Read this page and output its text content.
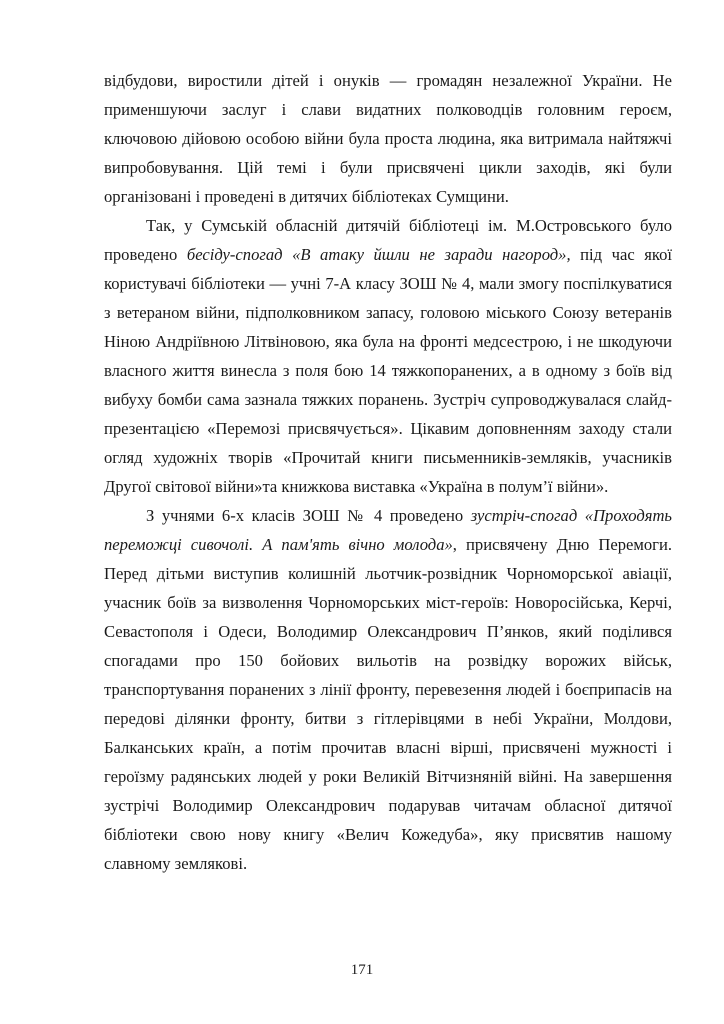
відбудови, виростили дітей і онуків — громадян незалежної України. Не применшуючи заслуг і слави видатних полководців головним героєм, ключовою дійовою особою війни була проста людина, яка витримала найтяжчі випробовування. Цій темі і були присвячені цикли заходів, які були організовані і проведені в дитячих бібліотеках Сумщини.

Так, у Сумській обласній дитячій бібліотеці ім. М.Островського було проведено бесіду-спогад «В атаку йшли не заради нагород», під час якої користувачі бібліотеки — учні 7-А класу ЗОШ № 4, мали змогу поспілкуватися з ветераном війни, підполковником запасу, головою міського Союзу ветеранів Ніною Андріївною Літвіновою, яка була на фронті медсестрою, і не шкодуючи власного життя винесла з поля бою 14 тяжкопоранених, а в одному з боїв від вибуху бомби сама зазнала тяжких поранень. Зустріч супроводжувалася слайд-презентацією «Перемозі присвячується». Цікавим доповненням заходу стали огляд художніх творів «Прочитай книги письменників-земляків, учасників Другої світової війни»та книжкова виставка «Україна в полум’ї війни».

З учнями 6-х класів ЗОШ № 4 проведено зустріч-спогад «Проходять переможці сивочолі. А пам'ять вічно молода», присвячену Дню Перемоги. Перед дітьми виступив колишній льотчик-розвідник Чорноморської авіації, учасник боїв за визволення Чорноморських міст-героїв: Новоросійська, Керчі, Севастополя і Одеси, Володимир Олександрович П’янков, який поділився спогадами про 150 бойових вильотів на розвідку ворожих військ, транспортування поранених з лінії фронту, перевезення людей і боєприпасів на передові ділянки фронту, битви з гітлерівцями в небі України, Молдови, Балканських країн, а потім прочитав власні вірші, присвячені мужності і героїзму радянських людей у роки Великій Вітчизняній війні. На завершення зустрічі Володимир Олександрович подарував читачам обласної дитячої бібліотеки свою нову книгу «Велич Кожедуба», яку присвятив нашому славному землякові.

171
